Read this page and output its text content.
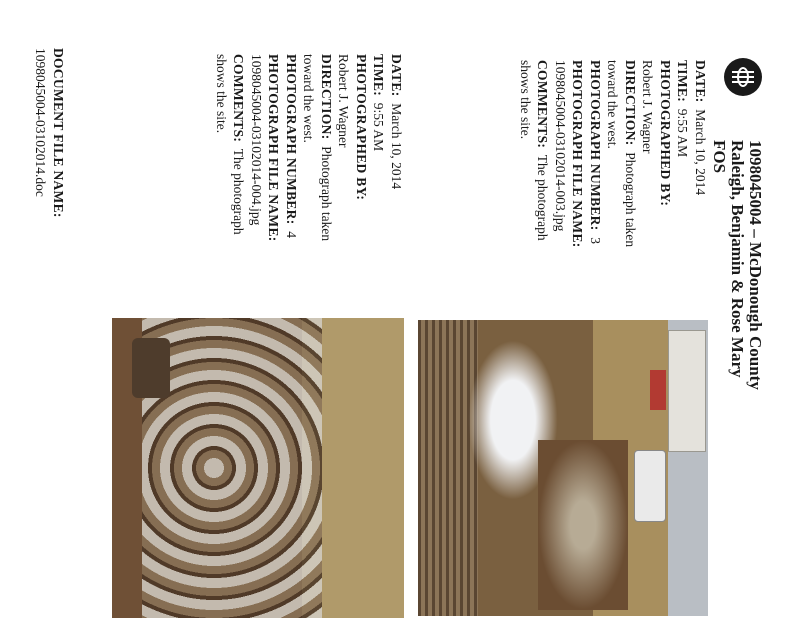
1098045004 – McDonough County
Raleigh, Benjamin & Rose Mary
FOS
DATE:  March 10, 2014
TIME:  9:55 AM
PHOTOGRAPHED BY:
Robert J. Wagner
DIRECTION:  Photograph taken
toward the west.
PHOTOGRAPH NUMBER:  3
PHOTOGRAPH FILE NAME:
1098045004-03102014-003.jpg
COMMENTS:  The photograph
shows the site.
DATE:  March 10, 2014
TIME:  9:55 AM
PHOTOGRAPHED BY:
Robert J. Wagner
DIRECTION:  Photograph taken
toward the west.
PHOTOGRAPH NUMBER:  4
PHOTOGRAPH FILE NAME:
1098045004-03102014-004.jpg
COMMENTS:  The photograph
shows the site.
DOCUMENT FILE NAME:
1098045004-03102014.doc
